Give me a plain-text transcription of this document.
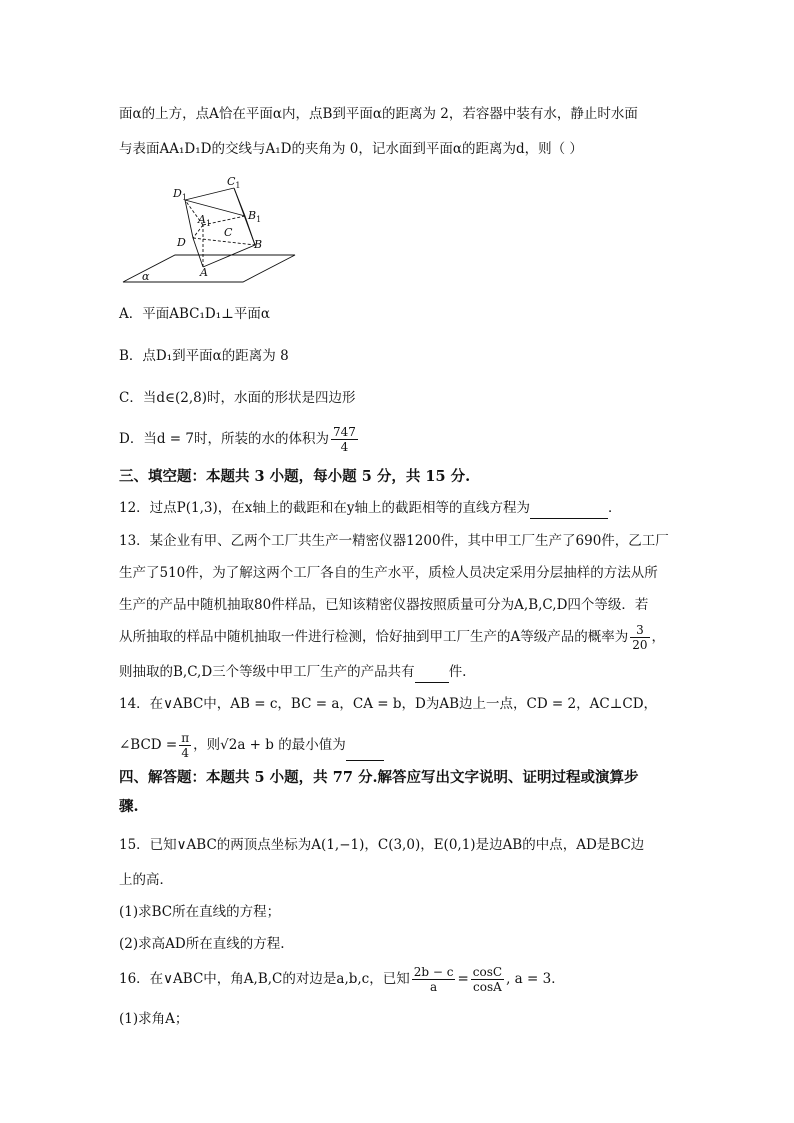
面α的上方，点A恰在平面α内，点B到平面α的距离为 2，若容器中装有水，静止时水面
与表面AA₁D₁D的交线与A₁D的夹角为 0，记水面到平面α的距离为d，则（ ）
$C_1$
$D_1$
$A_1$
$B_1$
D
C
B
A
α
A．平面ABC₁D₁⊥平面α
B．点D₁到平面α的距离为 8
C．当d∈(2,8)时，水面的形状是四边形
D．当d = 7时，所装的水的体积为 $\frac{747}{4}$
三、填空题：本题共 3 小题，每小题 5 分，共 15 分.
12．过点P(1,3)，在x轴上的截距和在y轴上的截距相等的直线方程为	．
13．某企业有甲、乙两个工厂共生产一精密仪器1200件，其中甲工厂生产了690件，乙工厂
生产了510件，为了解这两个工厂各自的生产水平，质检人员决定采用分层抽样的方法从所
生产的产品中随机抽取80件样品，已知该精密仪器按照质量可分为A,B,C,D四个等级．若
从所抽取的样品中随机抽取一件进行检测，恰好抽到甲工厂生产的A等级产品的概率为 $\frac{3}{20}$ ，
则抽取的B,C,D三个等级中甲工厂生产的产品共有	件.
14．在∨ABC中，AB = c，BC = a，CA = b，D为AB边上一点，CD = 2，AC⊥CD，
∠BCD = $\frac{\pi}{4}$ ，则√2a + b 的最小值为
四、解答题：本题共 5 小题，共 77 分.解答应写出文字说明、证明过程或演算步
骤.
15．已知∨ABC的两顶点坐标为A(1,−1)，C(3,0)，E(0,1)是边AB的中点，AD是BC边
上的高．
(1)求BC所在直线的方程；
(2)求高AD所在直线的方程.
16．在∨ABC中，角A,B,C的对边是a,b,c，已知 $\frac{2b - c}{a} = \frac{\cos C}{\cos A}$ , a = 3．
(1)求角A；
